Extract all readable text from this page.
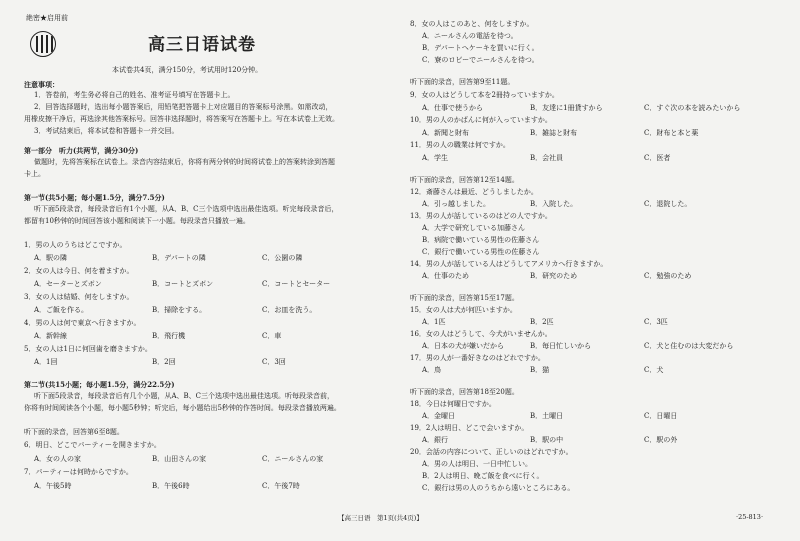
絶密★启用前
高三日语试卷
本试卷共4页，满分150分，考试用时120分钟。
注意事项：
1．答卷前，考生务必将自己的姓名、准考证号填写在答题卡上。
2．回答选择题时，选出每小题答案后，用铅笔把答题卡上对应题目的答案标号涂黑。如需改动，
用橡皮擦干净后，再选涂其他答案标号。回答非选择题时，将答案写在答题卡上。写在本试卷上无效。
3．考试结束后，将本试卷和答题卡一并交回。
第一部分　听力(共两节，满分30分)
做题时，先将答案标在试卷上。录音内容结束后，你将有两分钟的时间将试卷上的答案转涂到答题
卡上。
第一节(共5小题；每小题1.5分，满分7.5分)
听下面5段录音，每段录音后有1个小题，从A、B、C三个选项中选出最佳选项。听完每段录音后，
都留有10秒钟的时间回答该小题和阅读下一小题。每段录音只播放一遍。
1．男の人のうちはどこですか。
A．駅の隣	B．デパートの隣	C．公園の隣
2．女の人は今日、何を着ますか。
A．セーターとズボン	B．コートとズボン	C．コートとセーター
3．女の人は結婚、何をしますか。
A．ご飯を作る。	B．掃除をする。	C．お皿を洗う。
4．男の人は何で東京へ行きますか。
A．新幹線	B．飛行機	C．車
5．女の人は1日に何回歯を磨きますか。
A．1回	B．2回	C．3回
第二节(共15小题；每小题1.5分，满分22.5分)
听下面5段录音，每段录音后有几个小题，从A、B、C三个选项中选出最佳选项。听每段录音前，
你将有时间阅读各个小题，每小题5秒钟；听完后，每小题给出5秒钟的作答时间。每段录音播放两遍。
听下面的录音，回答第6至8题。
6．明日、どこでパーティーを開きますか。
A．女の人の家	B．山田さんの家	C．ニールさんの家
7．パーティーは何時からですか。
A．午後5時	B．午後6時	C．午後7時
8．女の人はこのあと、何をしますか。
A．ニールさんの電話を待つ。
B．デパートへケーキを買いに行く。
C．寮のロビーでニールさんを待つ。
听下面的录音，回答第9至11题。
9．女の人はどうして本を2冊持っていますか。
A．仕事で使うから	B．友達に1冊貸すから	C．すぐ次の本を読みたいから
10．男の人のかばんに何が入っていますか。
A．新聞と財布	B．雑誌と財布	C．財布と本と薬
11．男の人の職業は何ですか。
A．学生	B．会社員	C．医者
听下面的录音，回答第12至14题。
12．斎藤さんは最近、どうしましたか。
A．引っ越しました。	B．入院した。	C．退院した。
13．男の人が話しているのはどの人ですか。
A．大学で研究している加藤さん
B．病院で働いている男性の佐藤さん
C．銀行で働いている男性の佐藤さん
14．男の人が話している人はどうしてアメリカへ行きますか。
A．仕事のため	B．研究のため	C．勉強のため
听下面的录音，回答第15至17题。
15．女の人は犬が何匹いますか。
A．1匹	B．2匹	C．3匹
16．女の人はどうして、今犬がいませんか。
A．日本の犬が嫌いだから	B．毎日忙しいから	C．犬と住むのは大変だから
17．男の人が一番好きなのはどれですか。
A．鳥	B．猫	C．犬
听下面的录音，回答第18至20题。
18．今日は何曜日ですか。
A．金曜日	B．土曜日	C．日曜日
19．2人は明日、どこで会いますか。
A．銀行	B．駅の中	C．駅の外
20．会話の内容について、正しいのはどれですか。
A．男の人は明日、一日中忙しい。
B．2人は明日、晩ご飯を食べに行く。
C．銀行は男の人のうちから遠いところにある。
【高三日语　第1页(共4页)】	·25-813·
